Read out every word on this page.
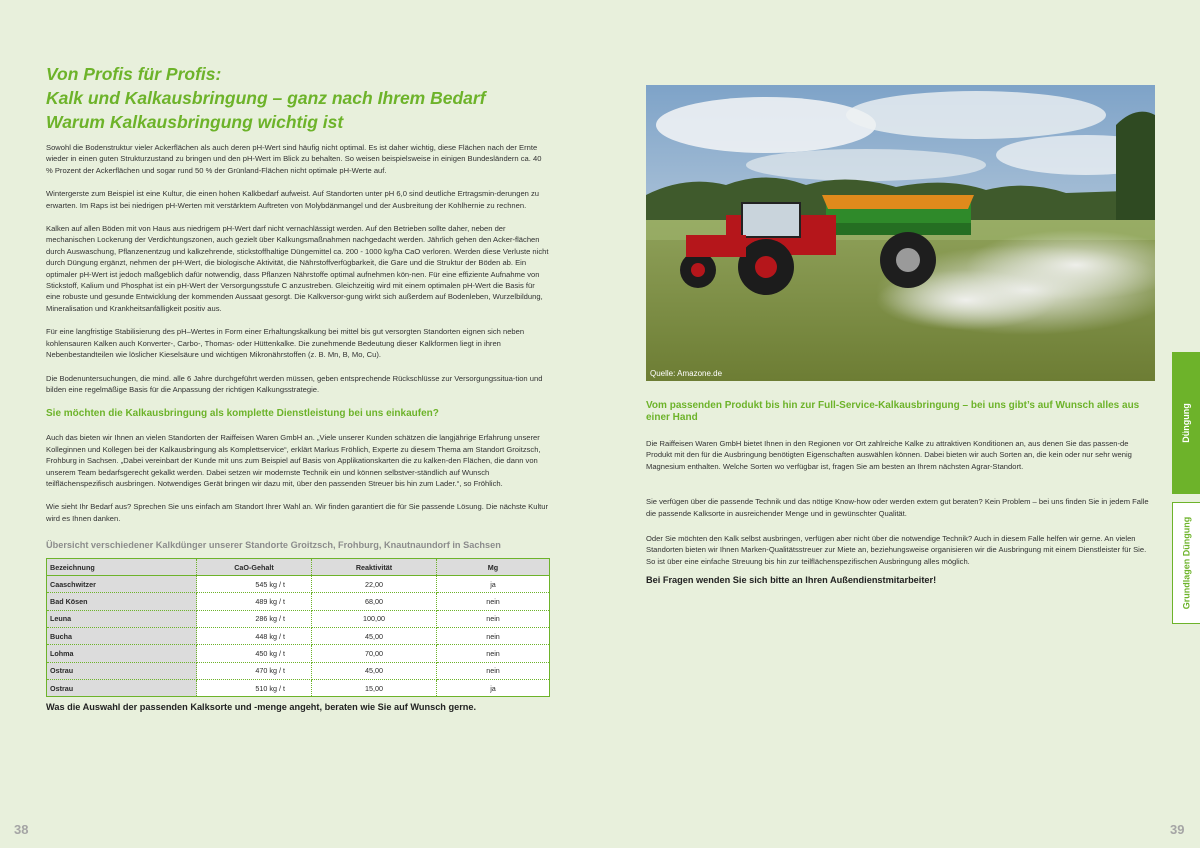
Von Profis für Profis:
Kalk und Kalkausbringung – ganz nach Ihrem Bedarf
Warum Kalkausbringung wichtig ist

Sowohl die Bodenstruktur vieler Ackerflächen als auch deren pH-Wert sind häufig nicht optimal. Es ist daher wichtig, diese Flächen nach der Ernte wieder in einen guten Strukturzustand zu bringen und den pH-Wert im Blick zu behalten. So weisen beispielsweise in einigen Bundesländern ca. 40 % Prozent der Ackerflächen und sogar rund 50 % der Grünland-Flächen nicht optimale pH-Werte auf.

Wintergerste zum Beispiel ist eine Kultur, die einen hohen Kalkbedarf aufweist. Auf Standorten unter pH 6,0 sind deutliche Ertragsmin-derungen zu erwarten. Im Raps ist bei niedrigen pH-Werten mit verstärktem Auftreten von Molybdänmangel und der Ausbreitung der Kohlhernie zu rechnen.

Kalken auf allen Böden mit von Haus aus niedrigem pH-Wert darf nicht vernachlässigt werden. Auf den Betrieben sollte daher, neben der mechanischen Lockerung der Verdichtungszonen, auch gezielt über Kalkungsmaßnahmen nachgedacht werden. Jährlich gehen den Acker-flächen durch Auswaschung, Pflanzenentzug und kalkzehrende, stickstoffhaltige Düngemittel ca. 200 - 1000 kg/ha CaO verloren. Werden diese Verluste nicht durch Düngung ergänzt, nehmen der pH-Wert, die biologische Aktivität, die Nährstoffverfügbarkeit, die Gare und die Struktur der Böden ab. Ein optimaler pH-Wert ist jedoch maßgeblich dafür notwendig, dass Pflanzen Nährstoffe optimal aufnehmen kön-nen. Für eine effiziente Aufnahme von Stickstoff, Kalium und Phosphat ist ein pH-Wert der Versorgungsstufe C anzustreben. Gleichzeitig wird mit einem optimalen pH-Wert die Basis für eine robuste und gesunde Entwicklung der kommenden Aussaat gesorgt. Die Kalkversor-gung wirkt sich außerdem auf Bodenleben, Wurzelbildung, Mineralisation und Krankheitsanfälligkeit positiv aus.

Für eine langfristige Stabilisierung des pH–Wertes in Form einer Erhaltungskalkung bei mittel bis gut versorgten Standorten eignen sich neben kohlensauren Kalken auch Konverter-, Carbo-, Thomas- oder Hüttenkalke. Die zunehmende Bedeutung dieser Kalkformen liegt in ihren Nebenbestandteilen wie löslicher Kieselsäure und wichtigen Mikronährstoffen (z. B. Mn, B, Mo, Cu).

Die Bodenuntersuchungen, die mind. alle 6 Jahre durchgeführt werden müssen, geben entsprechende Rückschlüsse zur Versorgungssitua-tion und bilden eine regelmäßige Basis für die Anpassung der richtigen Kalkungsstrategie.

Sie möchten die Kalkausbringung als komplette Dienstleistung bei uns einkaufen?

Auch das bieten wir Ihnen an vielen Standorten der Raiffeisen Waren GmbH an. „Viele unserer Kunden schätzen die langjährige Erfahrung unserer Kolleginnen und Kollegen bei der Kalkausbringung als Komplettservice“, erklärt Markus Fröhlich, Experte zu diesem Thema am Standort Groitzsch, Frohburg in Sachsen. „Dabei vereinbart der Kunde mit uns zum Beispiel auf Basis von Applikationskarten die zu kalken-den Flächen, die dann von unserem Team bedarfsgerecht gekalkt werden. Dabei setzen wir modernste Technik ein und können selbstver-ständlich auf Wunsch teilflächenspezifisch ausbringen. Notwendiges Gerät bringen wir dazu mit, über den passenden Streuer bis hin zum Lader.“, so Fröhlich.

Wie sieht Ihr Bedarf aus? Sprechen Sie uns einfach am Standort Ihrer Wahl an. Wir finden garantiert die für Sie passende Lösung. Die nächste Kultur wird es Ihnen danken.

Übersicht verschiedener Kalkdünger unserer Standorte Groitzsch, Frohburg, Knautnaundorf in Sachsen
Bezeichnung	CaO-Gehalt	Reaktivität	Mg
Caaschwitzer	545 kg / t	22,00	ja
Bad Kösen	489 kg / t	68,00	nein
Leuna	286 kg / t	100,00	nein
Bucha	448 kg / t	45,00	nein
Lohma	450 kg / t	70,00	nein
Ostrau	470 kg / t	45,00	nein
Ostrau	510 kg / t	15,00	ja
Was die Auswahl der passenden Kalksorte und -menge angeht, beraten wie Sie auf Wunsch gerne.
38
Quelle: Amazone.de
Vom passenden Produkt bis hin zur Full-Service-Kalkausbringung – bei uns gibt’s auf Wunsch alles aus einer Hand

Die Raiffeisen Waren GmbH bietet Ihnen in den Regionen vor Ort zahlreiche Kalke zu attraktiven Konditionen an, aus denen Sie das passen-de Produkt mit den für die Ausbringung benötigten Eigenschaften auswählen können. Dabei bieten wir auch Sorten an, die kein oder nur sehr wenig Magnesium enthalten. Welche Sorten wo verfügbar ist, fragen Sie am besten an Ihrem nächsten Agrar-Standort.

Sie verfügen über die passende Technik und das nötige Know-how oder werden extern gut beraten? Kein Problem – bei uns finden Sie in jedem Falle die passende Kalksorte in ausreichender Menge und in gewünschter Qualität.

Oder Sie möchten den Kalk selbst ausbringen, verfügen aber nicht über die notwendige Technik? Auch in diesem Falle helfen wir gerne. An vielen Standorten bieten wir Ihnen Marken-Qualitätsstreuer zur Miete an, beziehungsweise organisieren wir die Ausbringung mit einem Dienstleister für Sie. So ist über eine einfache Streuung bis hin zur teilflächenspezifischen Ausbringung alles möglich.

Bei Fragen wenden Sie sich bitte an Ihren Außendienstmitarbeiter!
Düngung
Grundlagen Düngung
39
